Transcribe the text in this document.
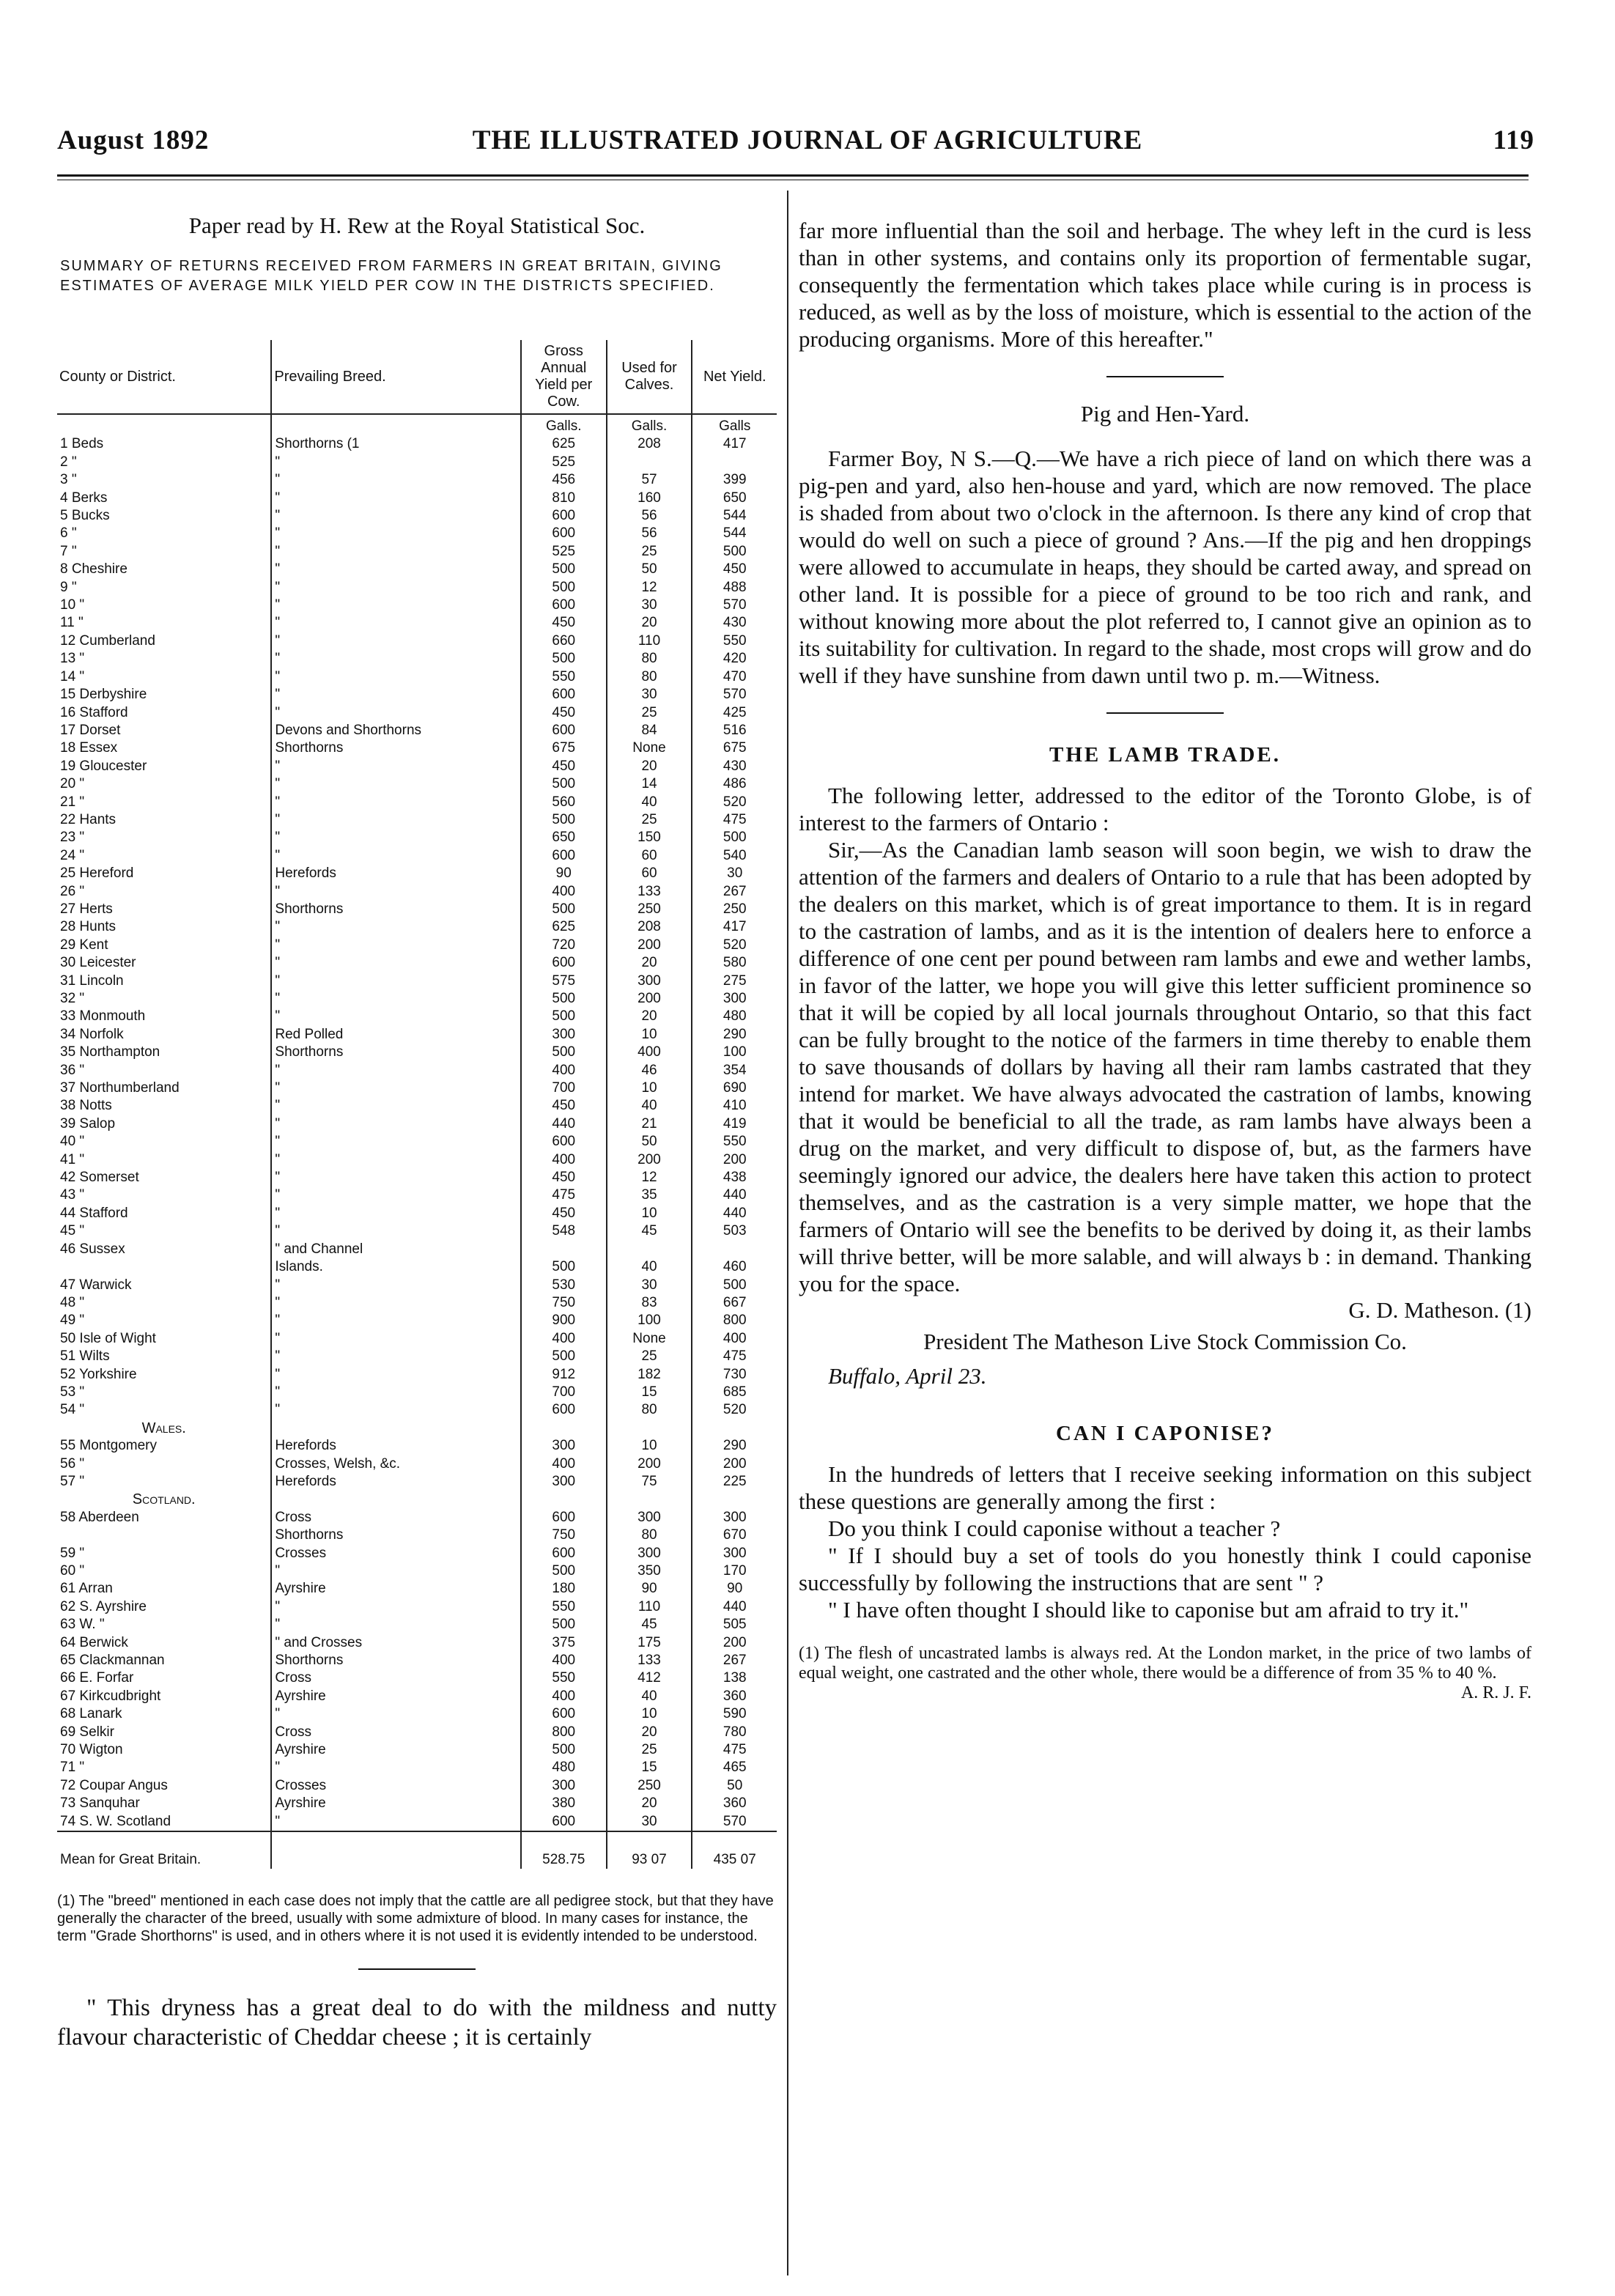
August 1892	THE ILLUSTRATED JOURNAL OF AGRICULTURE	119
Paper read by H. Rew at the Royal Statistical Soc.
SUMMARY OF RETURNS RECEIVED FROM FARMERS IN GREAT BRITAIN, GIVING ESTIMATES OF AVERAGE MILK YIELD PER COW IN THE DISTRICTS SPECIFIED.
County or District.	Prevailing Breed.	Gross Annual Yield per Cow.	Used for Calves.	Net Yield.
		Galls.	Galls.	Galls
1 Beds	Shorthorns (1	625	208	417
2 "	"	525		
3 "	"	456	57	399
4 Berks	"	810	160	650
5 Bucks	"	600	56	544
6 "	"	600	56	544
7 "	"	525	25	500
8 Cheshire	"	500	50	450
9 "	"	500	12	488
10 "	"	600	30	570
11 "	"	450	20	430
12 Cumberland	"	660	110	550
13 "	"	500	80	420
14 "	"	550	80	470
15 Derbyshire	"	600	30	570
16 Stafford	"	450	25	425
17 Dorset	Devons and Shorthorns	600	84	516
18 Essex	Shorthorns	675	None	675
19 Gloucester	"	450	20	430
20 "	"	500	14	486
21 "	"	560	40	520
22 Hants	"	500	25	475
23 "	"	650	150	500
24 "	"	600	60	540
25 Hereford	Herefords	90	60	30
26 "	"	400	133	267
27 Herts	Shorthorns	500	250	250
28 Hunts	"	625	208	417
29 Kent	"	720	200	520
30 Leicester	"	600	20	580
31 Lincoln	"	575	300	275
32 "	"	500	200	300
33 Monmouth	"	500	20	480
34 Norfolk	Red Polled	300	10	290
35 Northampton	Shorthorns	500	400	100
36 "	"	400	46	354
37 Northumberland	"	700	10	690
38 Notts	"	450	40	410
39 Salop	"	440	21	419
40 "	"	600	50	550
41 "	"	400	200	200
42 Somerset	"	450	12	438
43 "	"	475	35	440
44 Stafford	"	450	10	440
45 "	"	548	45	503
46 Sussex	" and Channel			
	Islands.	500	40	460
47 Warwick	"	530	30	500
48 "	"	750	83	667
49 "	"	900	100	800
50 Isle of Wight	"	400	None	400
51 Wilts	"	500	25	475
52 Yorkshire	"	912	182	730
53 "	"	700	15	685
54 "	"	600	80	520
Wales.				
55 Montgomery	Herefords	300	10	290
56 "	Crosses, Welsh, &c.	400	200	200
57 "	Herefords	300	75	225
Scotland.				
58 Aberdeen	Cross	600	300	300
	Shorthorns	750	80	670
59 "	Crosses	600	300	300
60 "	"	500	350	170
61 Arran	Ayrshire	180	90	90
62 S. Ayrshire	"	550	110	440
63 W. "	"	500	45	505
64 Berwick	" and Crosses	375	175	200
65 Clackmannan	Shorthorns	400	133	267
66 E. Forfar	Cross	550	412	138
67 Kirkcudbright	Ayrshire	400	40	360
68 Lanark	"	600	10	590
69 Selkir	Cross	800	20	780
70 Wigton	Ayrshire	500	25	475
71 "	"	480	15	465
72 Coupar Angus	Crosses	300	250	50
73 Sanquhar	Ayrshire	380	20	360
74 S. W. Scotland	"	600	30	570
Mean for Great Britain.		528.75	93 07	435 07
(1) The "breed" mentioned in each case does not imply that the cattle are all pedigree stock, but that they have generally the character of the breed, usually with some admixture of blood. In many cases for instance, the term "Grade Shorthorns" is used, and in others where it is not used it is evidently intended to be understood.

" This dryness has a great deal to do with the mildness and nutty flavour characteristic of Cheddar cheese ; it is certainly

far more influential than the soil and herbage. The whey left in the curd is less than in other systems, and contains only its proportion of fermentable sugar, consequently the fermentation which takes place while curing is in process is reduced, as well as by the loss of moisture, which is essential to the action of the producing organisms. More of this hereafter."

Pig and Hen-Yard.

Farmer Boy, N S.—Q.—We have a rich piece of land on which there was a pig-pen and yard, also hen-house and yard, which are now removed. The place is shaded from about two o'clock in the afternoon. Is there any kind of crop that would do well on such a piece of ground ? Ans.—If the pig and hen droppings were allowed to accumulate in heaps, they should be carted away, and spread on other land. It is possible for a piece of ground to be too rich and rank, and without knowing more about the plot referred to, I cannot give an opinion as to its suitability for cultivation. In regard to the shade, most crops will grow and do well if they have sunshine from dawn until two p. m.—Witness.

THE LAMB TRADE.

The following letter, addressed to the editor of the Toronto Globe, is of interest to the farmers of Ontario :

Sir,—As the Canadian lamb season will soon begin, we wish to draw the attention of the farmers and dealers of Ontario to a rule that has been adopted by the dealers on this market, which is of great importance to them. It is in regard to the castration of lambs, and as it is the intention of dealers here to enforce a difference of one cent per pound between ram lambs and ewe and wether lambs, in favor of the latter, we hope you will give this letter sufficient prominence so that it will be copied by all local journals throughout Ontario, so that this fact can be fully brought to the notice of the farmers in time thereby to enable them to save thousands of dollars by having all their ram lambs castrated that they intend for market. We have always advocated the castration of lambs, knowing that it would be beneficial to all the trade, as ram lambs have always been a drug on the market, and very difficult to dispose of, but, as the farmers have seemingly ignored our advice, the dealers here have taken this action to protect themselves, and as the castration is a very simple matter, we hope that the farmers of Ontario will see the benefits to be derived by doing it, as their lambs will thrive better, will be more salable, and will always b : in demand. Thanking you for the space.

G. D. Matheson. (1)
President The Matheson Live Stock Commission Co.
Buffalo, April 23.
CAN I CAPONISE?

In the hundreds of letters that I receive seeking information on this subject these questions are generally among the first :

Do you think I could caponise without a teacher ?

" If I should buy a set of tools do you honestly think I could caponise successfully by following the instructions that are sent " ?

" I have often thought I should like to caponise but am afraid to try it."

(1) The flesh of uncastrated lambs is always red. At the London market, in the price of two lambs of equal weight, one castrated and the other whole, there would be a difference of from 35 % to 40 %.
A. R. J. F.
